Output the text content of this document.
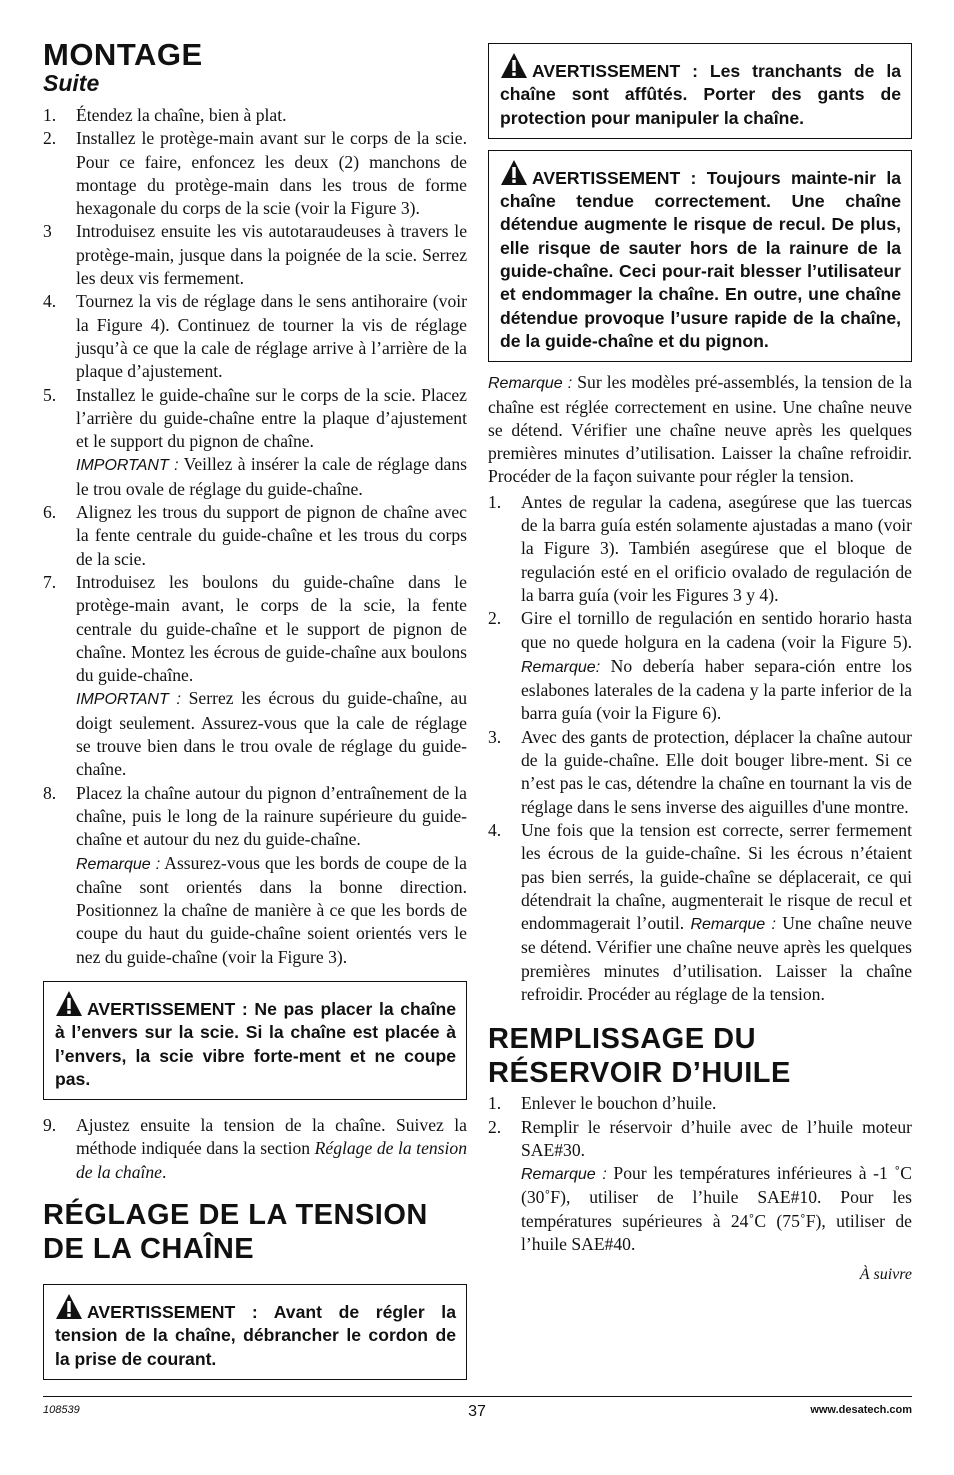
MONTAGE
Suite
1. Étendez la chaîne, bien à plat.
2. Installez le protège-main avant sur le corps de la scie. Pour ce faire, enfoncez les deux (2) manchons de montage du protège-main dans les trous de forme hexagonale du corps de la scie (voir la Figure 3).
3 Introduisez ensuite les vis autotaraudeuses à travers le protège-main, jusque dans la poignée de la scie. Serrez les deux vis fermement.
4. Tournez la vis de réglage dans le sens antihoraire (voir la Figure 4). Continuez de tourner la vis de réglage jusqu’à ce que la cale de réglage arrive à l’arrière de la plaque d’ajustement.
5. Installez le guide-chaîne sur le corps de la scie. Placez l’arrière du guide-chaîne entre la plaque d’ajustement et le support du pignon de chaîne.
IMPORTANT : Veillez à insérer la cale de réglage dans le trou ovale de réglage du guide-chaîne.
6. Alignez les trous du support de pignon de chaîne avec la fente centrale du guide-chaîne et les trous du corps de la scie.
7. Introduisez les boulons du guide-chaîne dans le protège-main avant, le corps de la scie, la fente centrale du guide-chaîne et le support de pignon de chaîne. Montez les écrous de guide-chaîne aux boulons du guide-chaîne.
IMPORTANT : Serrez les écrous du guide-chaîne, au doigt seulement. Assurez-vous que la cale de réglage se trouve bien dans le trou ovale de réglage du guide-chaîne.
8. Placez la chaîne autour du pignon d’entraînement de la chaîne, puis le long de la rainure supérieure du guide-chaîne et autour du nez du guide-chaîne.
Remarque : Assurez-vous que les bords de coupe de la chaîne sont orientés dans la bonne direction. Positionnez la chaîne de manière à ce que les bords de coupe du haut du guide-chaîne soient orientés vers le nez du guide-chaîne (voir la Figure 3).
AVERTISSEMENT : Ne pas placer la chaîne à l’envers sur la scie. Si la chaîne est placée à l’envers, la scie vibre forte-ment et ne coupe pas.
9. Ajustez ensuite la tension de la chaîne. Suivez la méthode indiquée dans la section Réglage de la tension de la chaîne.
RÉGLAGE DE LA TENSION DE LA CHAÎNE
AVERTISSEMENT : Avant de régler la tension de la chaîne, débrancher le cordon de la prise de courant.
AVERTISSEMENT : Les tranchants de la chaîne sont affûtés. Porter des gants de protection pour manipuler la chaîne.
AVERTISSEMENT : Toujours mainte-nir la chaîne tendue correctement. Une chaîne détendue augmente le risque de recul. De plus, elle risque de sauter hors de la rainure de la guide-chaîne. Ceci pour-rait blesser l’utilisateur et endommager la chaîne. En outre, une chaîne détendue provoque l’usure rapide de la chaîne, de la guide-chaîne et du pignon.

Remarque : Sur les modèles pré-assemblés, la tension de la chaîne est réglée correctement en usine. Une chaîne neuve se détend. Vérifier une chaîne neuve après les quelques premières minutes d’utilisation. Laisser la chaîne refroidir. Procéder de la façon suivante pour régler la tension.

1. Antes de regular la cadena, asegúrese que las tuercas de la barra guía estén solamente ajustadas a mano (voir la Figure 3). También asegúrese que el bloque de regulación esté en el orificio ovalado de regulación de la barra guía (voir les Figures 3 y 4).
2. Gire el tornillo de regulación en sentido horario hasta que no quede holgura en la cadena (voir la Figure 5). Remarque: No debería haber separa-ción entre los eslabones laterales de la cadena y la parte inferior de la barra guía (voir la Figure 6).
3. Avec des gants de protection, déplacer la chaîne autour de la guide-chaîne. Elle doit bouger libre-ment. Si ce n’est pas le cas, détendre la chaîne en tournant la vis de réglage dans le sens inverse des aiguilles d'une montre.
4. Une fois que la tension est correcte, serrer fermement les écrous de la guide-chaîne. Si les écrous n’étaient pas bien serrés, la guide-chaîne se déplacerait, ce qui détendrait la chaîne, augmenterait le risque de recul et endommagerait l’outil. Remarque : Une chaîne neuve se détend. Vérifier une chaîne neuve après les quelques premières minutes d’utilisation. Laisser la chaîne refroidir. Procéder au réglage de la tension.
REMPLISSAGE DU RÉSERVOIR D’HUILE
1. Enlever le bouchon d’huile.
2. Remplir le réservoir d’huile avec de l’huile moteur SAE#30.
Remarque : Pour les températures inférieures à -1 ˚C (30˚F), utiliser de l’huile SAE#10. Pour les températures supérieures à 24˚C (75˚F), utiliser de l’huile SAE#40.
À suivre
108539	37	www.desatech.com
